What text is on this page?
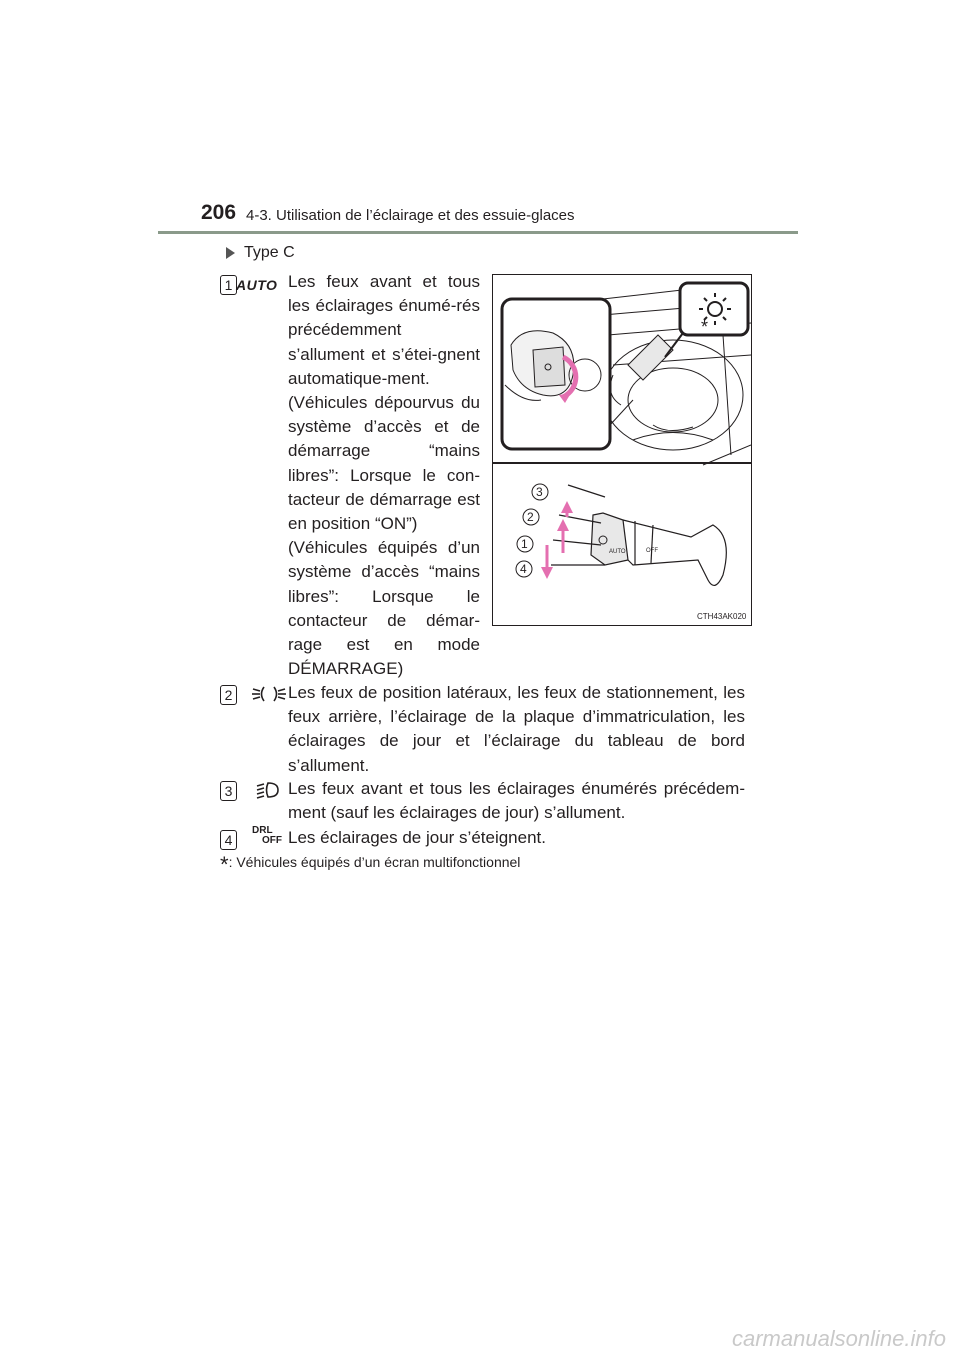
206 4-3. Utilisation de l’éclairage et des essuie-glaces
Type C
1 AUTO Les feux avant et tous les éclairages énumé-rés précédemment s’allument et s’étei-gnent automatique-ment.

(Véhicules dépourvus du système d’accès et de démarrage “mains libres”: Lorsque le con-tacteur de démarrage est en position “ON”)

(Véhicules équipés d’un système d’accès “mains libres”: Lorsque le contacteur de démar-rage est en mode DÉMARRAGE)

*
AUTO	OFF
3
2
1
4
CTH43AK020
2	Les feux de position latéraux, les feux de stationnement, les feux arrière, l’éclairage de la plaque d’immatriculation, les éclairages de jour et l’éclairage du tableau de bord s’allument.
3	Les feux avant et tous les éclairages énumérés précédem-ment (sauf les éclairages de jour) s’allument.
4
DRL
OFF Les éclairages de jour s’éteignent.
*: Véhicules équipés d’un écran multifonctionnel
carmanualsonline.info
